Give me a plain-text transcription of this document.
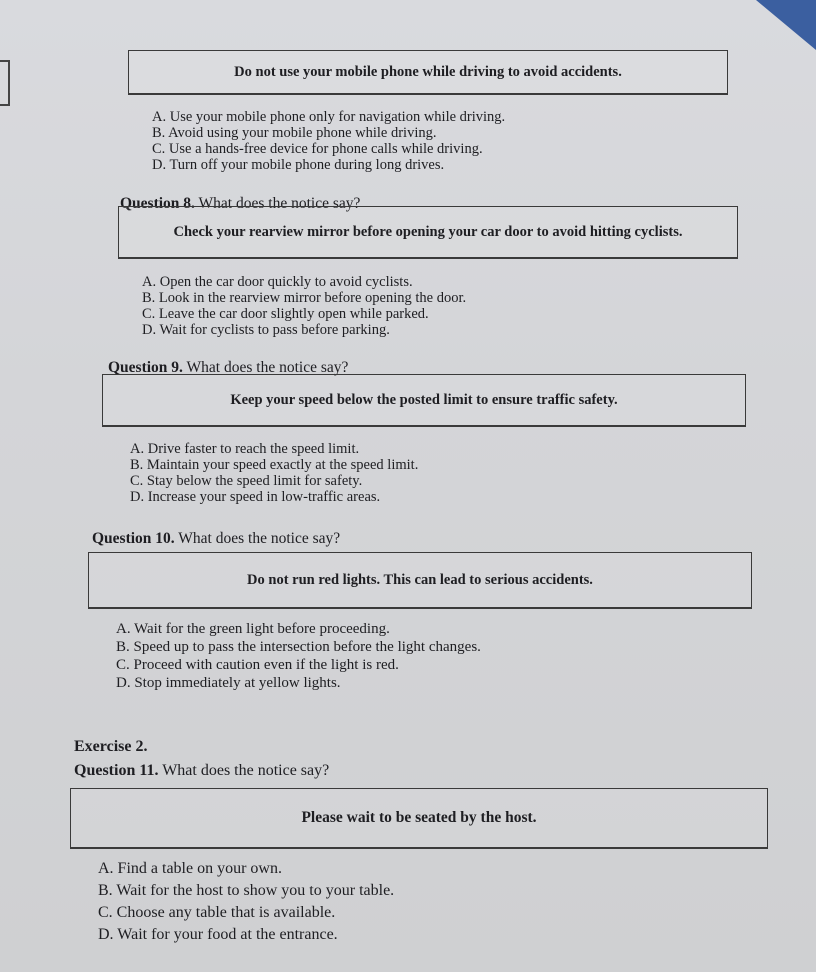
Do not use your mobile phone while driving to avoid accidents.
A. Use your mobile phone only for navigation while driving.
B. Avoid using your mobile phone while driving.
C. Use a hands-free device for phone calls while driving.
D. Turn off your mobile phone during long drives.
Question 8. What does the notice say?
Check your rearview mirror before opening your car door to avoid hitting cyclists.
A. Open the car door quickly to avoid cyclists.
B. Look in the rearview mirror before opening the door.
C. Leave the car door slightly open while parked.
D. Wait for cyclists to pass before parking.
Question 9. What does the notice say?
Keep your speed below the posted limit to ensure traffic safety.
A. Drive faster to reach the speed limit.
B. Maintain your speed exactly at the speed limit.
C. Stay below the speed limit for safety.
D. Increase your speed in low-traffic areas.
Question 10. What does the notice say?
Do not run red lights. This can lead to serious accidents.
A. Wait for the green light before proceeding.
B. Speed up to pass the intersection before the light changes.
C. Proceed with caution even if the light is red.
D. Stop immediately at yellow lights.
Exercise 2.
Question 11. What does the notice say?
Please wait to be seated by the host.
A. Find a table on your own.
B. Wait for the host to show you to your table.
C. Choose any table that is available.
D. Wait for your food at the entrance.
